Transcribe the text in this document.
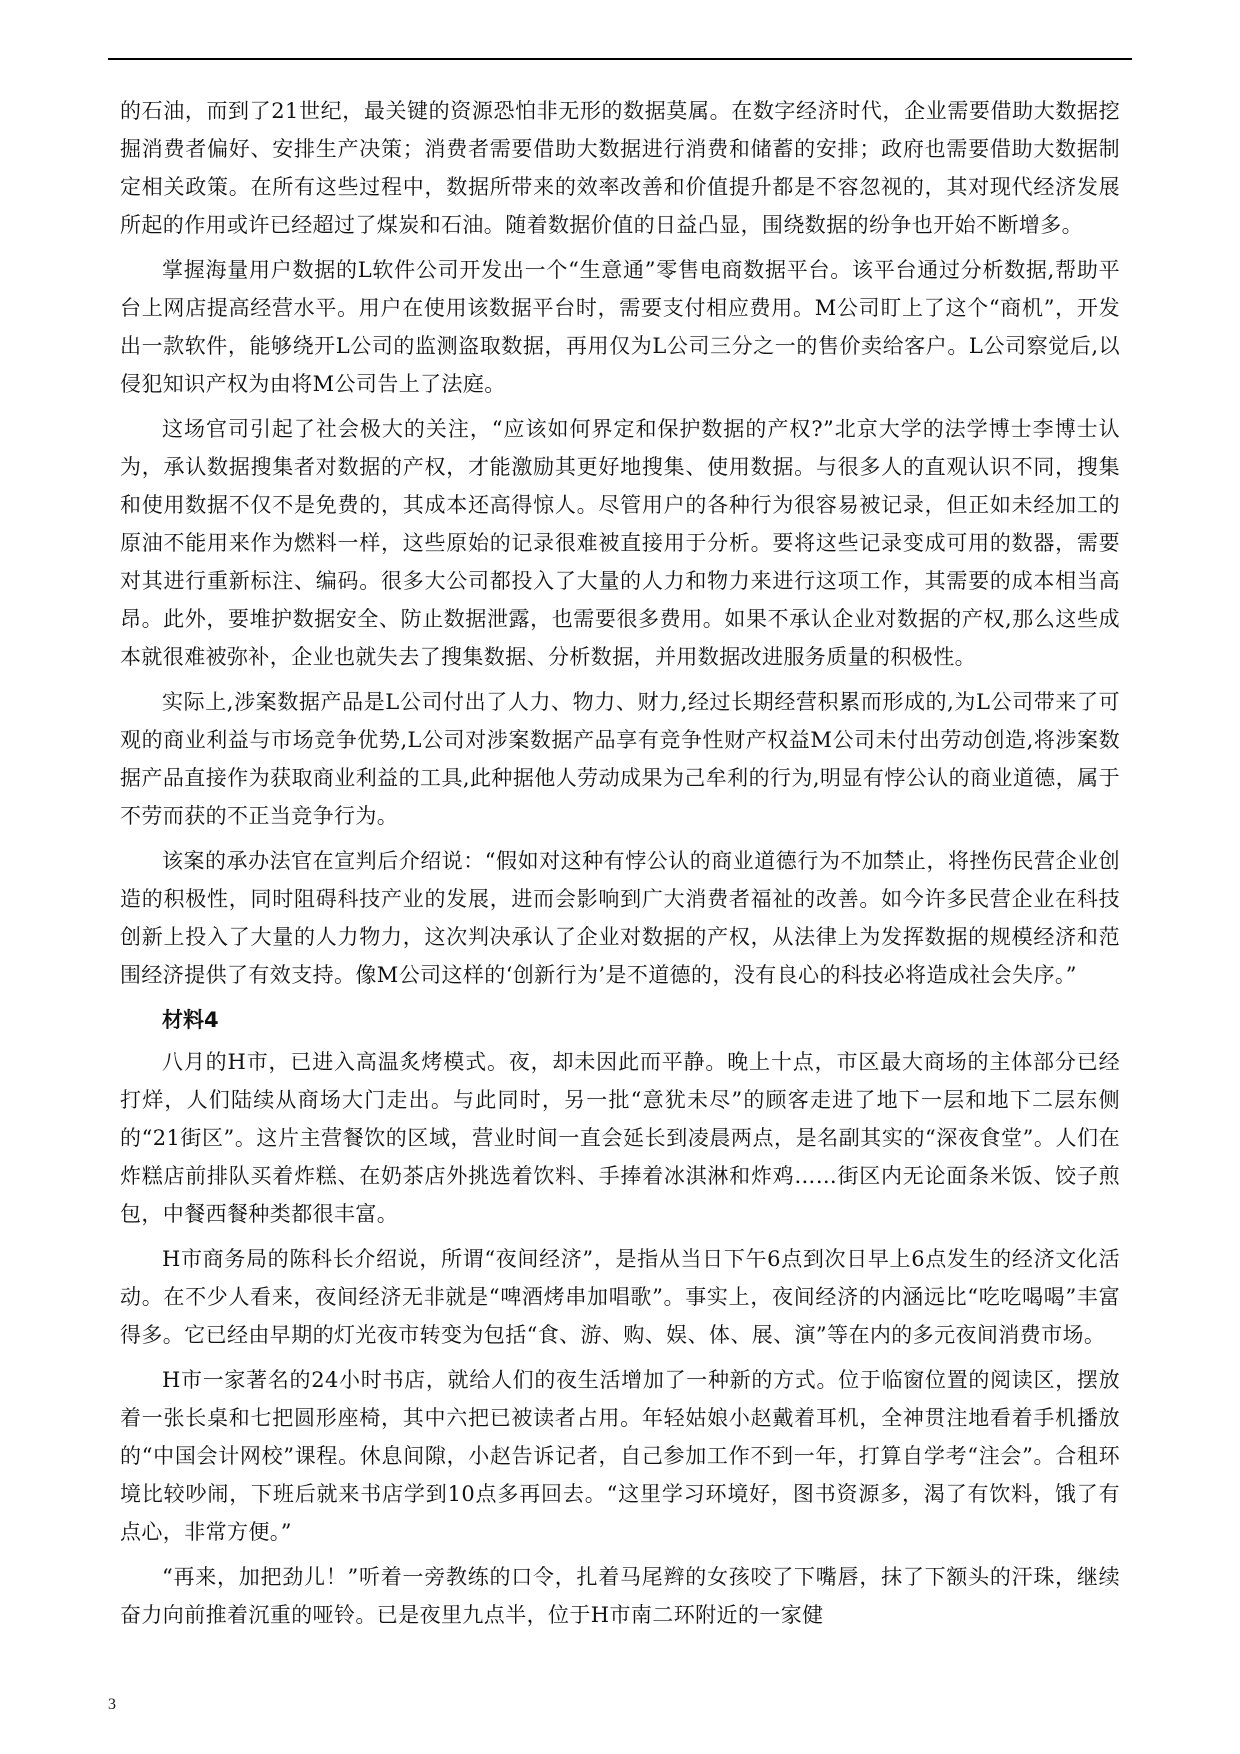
的石油，而到了21世纪，最关键的资源恐怕非无形的数据莫属。在数字经济时代，企业需要借助大数据挖掘消费者偏好、安排生产决策；消费者需要借助大数据进行消费和储蓄的安排；政府也需要借助大数据制定相关政策。在所有这些过程中，数据所带来的效率改善和价值提升都是不容忽视的，其对现代经济发展所起的作用或许已经超过了煤炭和石油。随着数据价值的日益凸显，围绕数据的纷争也开始不断增多。

掌握海量用户数据的L软件公司开发出一个“生意通”零售电商数据平台。该平台通过分析数据,帮助平台上网店提高经营水平。用户在使用该数据平台时，需要支付相应费用。M公司盯上了这个“商机”，开发出一款软件，能够绕开L公司的监测盗取数据，再用仅为L公司三分之一的售价卖给客户。L公司察觉后,以侵犯知识产权为由将M公司告上了法庭。

这场官司引起了社会极大的关注，“应该如何界定和保护数据的产权?”北京大学的法学博士李博士认为，承认数据搜集者对数据的产权，才能激励其更好地搜集、使用数据。与很多人的直观认识不同，搜集和使用数据不仅不是免费的，其成本还高得惊人。尽管用户的各种行为很容易被记录，但正如未经加工的原油不能用来作为燃料一样，这些原始的记录很难被直接用于分析。要将这些记录变成可用的数器，需要对其进行重新标注、编码。很多大公司都投入了大量的人力和物力来进行这项工作，其需要的成本相当高昂。此外，要堆护数据安全、防止数据泄露，也需要很多费用。如果不承认企业对数据的产权,那么这些成本就很难被弥补，企业也就失去了搜集数据、分析数据，并用数据改进服务质量的积极性。

实际上,涉案数据产品是L公司付出了人力、物力、财力,经过长期经营积累而形成的,为L公司带来了可观的商业利益与市场竞争优势,L公司对涉案数据产品享有竞争性财产权益M公司未付出劳动创造,将涉案数据产品直接作为获取商业利益的工具,此种据他人劳动成果为己牟利的行为,明显有悖公认的商业道德，属于不劳而获的不正当竞争行为。

该案的承办法官在宣判后介绍说：“假如对这种有悖公认的商业道德行为不加禁止，将挫伤民营企业创造的积极性，同时阻碍科技产业的发展，进而会影响到广大消费者福祉的改善。如今许多民营企业在科技创新上投入了大量的人力物力，这次判决承认了企业对数据的产权，从法律上为发挥数据的规模经济和范围经济提供了有效支持。像M公司这样的‘创新行为’是不道德的，没有良心的科技必将造成社会失序。”

材料4

八月的H市，已进入高温炙烤模式。夜，却未因此而平静。晚上十点，市区最大商场的主体部分已经打烊，人们陆续从商场大门走出。与此同时，另一批“意犹未尽”的顾客走进了地下一层和地下二层东侧的“21街区”。这片主营餐饮的区域，营业时间一直会延长到凌晨两点，是名副其实的“深夜食堂”。人们在炸糕店前排队买着炸糕、在奶茶店外挑选着饮料、手捧着冰淇淋和炸鸡……街区内无论面条米饭、饺子煎包，中餐西餐种类都很丰富。

H市商务局的陈科长介绍说，所谓“夜间经济”，是指从当日下午6点到次日早上6点发生的经济文化活动。在不少人看来，夜间经济无非就是“啤酒烤串加唱歌”。事实上，夜间经济的内涵远比“吃吃喝喝”丰富得多。它已经由早期的灯光夜市转变为包括“食、游、购、娱、体、展、演”等在内的多元夜间消费市场。

H市一家著名的24小时书店，就给人们的夜生活增加了一种新的方式。位于临窗位置的阅读区，摆放着一张长桌和七把圆形座椅，其中六把已被读者占用。年轻姑娘小赵戴着耳机，全神贯注地看着手机播放的“中国会计网校”课程。休息间隙，小赵告诉记者，自己参加工作不到一年，打算自学考“注会”。合租环境比较吵闹，下班后就来书店学到10点多再回去。“这里学习环境好，图书资源多，渴了有饮料，饿了有点心，非常方便。”

“再来，加把劲儿！”听着一旁教练的口令，扎着马尾辫的女孩咬了下嘴唇，抹了下额头的汗珠，继续奋力向前推着沉重的哑铃。已是夜里九点半，位于H市南二环附近的一家健

3
